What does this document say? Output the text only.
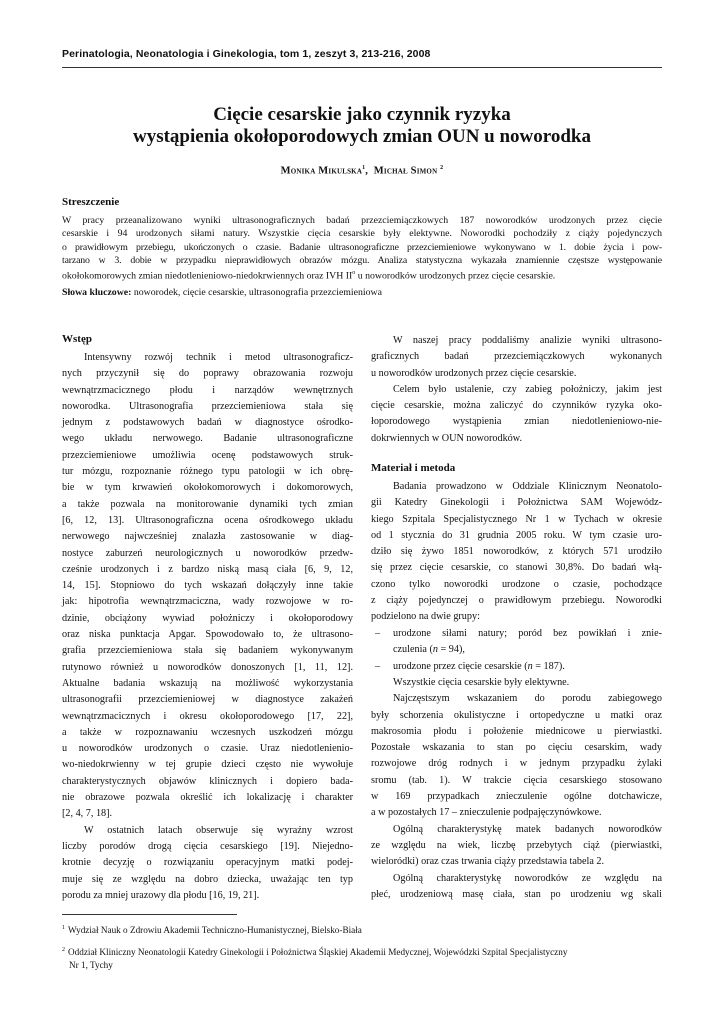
Perinatologia, Neonatologia i Ginekologia, tom 1, zeszyt 3, 213-216, 2008
Cięcie cesarskie jako czynnik ryzyka
wystąpienia okołoporodowych zmian OUN u noworodka
Monika Mikulska$^1$, Michał Simon $^2$
Streszczenie
W pracy przeanalizowano wyniki ultrasonograficznych badań przezciemiączkowych 187 noworodków urodzonych przez cięcie
cesarskie i 94 urodzonych siłami natury. Wszystkie cięcia cesarskie były elektywne. Noworodki pochodziły z ciąży pojedynczych
o prawidłowym przebiegu, ukończonych o czasie. Badanie ultrasonograficzne przezciemieniowe wykonywano w 1. dobie życia i pow-
tarzano w 3. dobie w przypadku nieprawidłowych obrazów mózgu. Analiza statystyczna wykazała znamiennie częstsze występowanie
okołokomorowych zmian niedotlenieniowo-niedokrwiennych oraz IVH $II^o$ u noworodków urodzonych przez cięcie cesarskie.
Słowa kluczowe: noworodek, cięcie cesarskie, ultrasonografia przezciemieniowa
Wstęp
Intensywny rozwój technik i metod ultrasonograficz-
nych przyczynił się do poprawy obrazowania rozwoju
wewnątrzmacicznego płodu i narządów wewnętrznych
noworodka. Ultrasonografia przezciemieniowa stała się
jednym z podstawowych badań w diagnostyce ośrodko-
wego układu nerwowego. Badanie ultrasonograficzne
przezciemieniowe umożliwia ocenę podstawowych struk-
tur mózgu, rozpoznanie różnego typu patologii w ich obrę-
bie w tym krwawień okołokomorowych i dokomorowych,
a także pozwala na monitorowanie dynamiki tych zmian
[6, 12, 13]. Ultrasonograficzna ocena ośrodkowego układu
nerwowego najwcześniej znalazła zastosowanie w diag-
nostyce zaburzeń neurologicznych u noworodków przedw-
cześnie urodzonych i z bardzo niską masą ciała [6, 9, 12,
14, 15]. Stopniowo do tych wskazań dołączyły inne takie
jak: hipotrofia wewnątrzmaciczna, wady rozwojowe w ro-
dzinie, obciążony wywiad położniczy i okołoporodowy
oraz niska punktacja Apgar. Spowodowało to, że ultrasono-
grafia przezciemieniowa stała się badaniem wykonywanym
rutynowo również u noworodków donoszonych [1, 11, 12].
Aktualne badania wskazują na możliwość wykorzystania
ultrasonografii przezciemieniowej w diagnostyce zakażeń
wewnątrzmacicznych i okresu okołoporodowego [17, 22],
a także w rozpoznawaniu wczesnych uszkodzeń mózgu
u noworodków urodzonych o czasie. Uraz niedotlenienio-
wo-niedokrwienny w tej grupie dzieci często nie wywołuje
charakterystycznych objawów klinicznych i dopiero bada-
nie obrazowe pozwala określić ich lokalizację i charakter
[2, 4, 7, 18].
W ostatnich latach obserwuje się wyraźny wzrost
liczby porodów drogą cięcia cesarskiego [19]. Niejedno-
krotnie decyzję o rozwiązaniu operacyjnym matki podej-
muje się ze względu na dobro dziecka, uważając ten typ
porodu za mniej urazowy dla płodu [16, 19, 21].
W naszej pracy poddaliśmy analizie wyniki ultrasono-
graficznych badań przezciemiączkowych wykonanych
u noworodków urodzonych przez cięcie cesarskie.
Celem było ustalenie, czy zabieg położniczy, jakim jest
cięcie cesarskie, można zaliczyć do czynników ryzyka oko-
łoporodowego wystąpienia zmian niedotlenieniowo-nie-
dokrwiennych w OUN noworodków.
Materiał i metoda
Badania prowadzono w Oddziale Klinicznym Neonatolo-
gii Katedry Ginekologii i Położnictwa SAM Wojewódz-
kiego Szpitala Specjalistycznego Nr 1 w Tychach w okresie
od 1 stycznia do 31 grudnia 2005 roku. W tym czasie uro-
dziło się żywo 1851 noworodków, z których 571 urodziło
się przez cięcie cesarskie, co stanowi 30,8%. Do badań włą-
czono tylko noworodki urodzone o czasie, pochodzące
z ciąży pojedynczej o prawidłowym przebiegu. Noworodki
podzielono na dwie grupy:
– urodzone siłami natury; poród bez powikłań i znie-
czulenia (n = 94),
– urodzone przez cięcie cesarskie (n = 187).
Wszystkie cięcia cesarskie były elektywne.
Najczęstszym wskazaniem do porodu zabiegowego
były schorzenia okulistyczne i ortopedyczne u matki oraz
makrosomia płodu i położenie miednicowe u pierwiastki.
Pozostałe wskazania to stan po cięciu cesarskim, wady
rozwojowe dróg rodnych i w jednym przypadku żylaki
sromu (tab. 1). W trakcie cięcia cesarskiego stosowano
w 169 przypadkach znieczulenie ogólne dotchawicze,
a w pozostałych 17 – znieczulenie podpajęczynówkowe.
Ogólną charakterystykę matek badanych noworodków
ze względu na wiek, liczbę przebytych ciąż (pierwiastki,
wieloródki) oraz czas trwania ciąży przedstawia tabela 2.
Ogólną charakterystykę noworodków ze względu na
płeć, urodzeniową masę ciała, stan po urodzeniu wg skali
$^1$ Wydział Nauk o Zdrowiu Akademii Techniczno-Humanistycznej, Bielsko-Biała
$^2$ Oddział Kliniczny Neonatologii Katedry Ginekologii i Położnictwa Śląskiej Akademii Medycznej, Wojewódzki Szpital Specjalistyczny
Nr 1, Tychy
